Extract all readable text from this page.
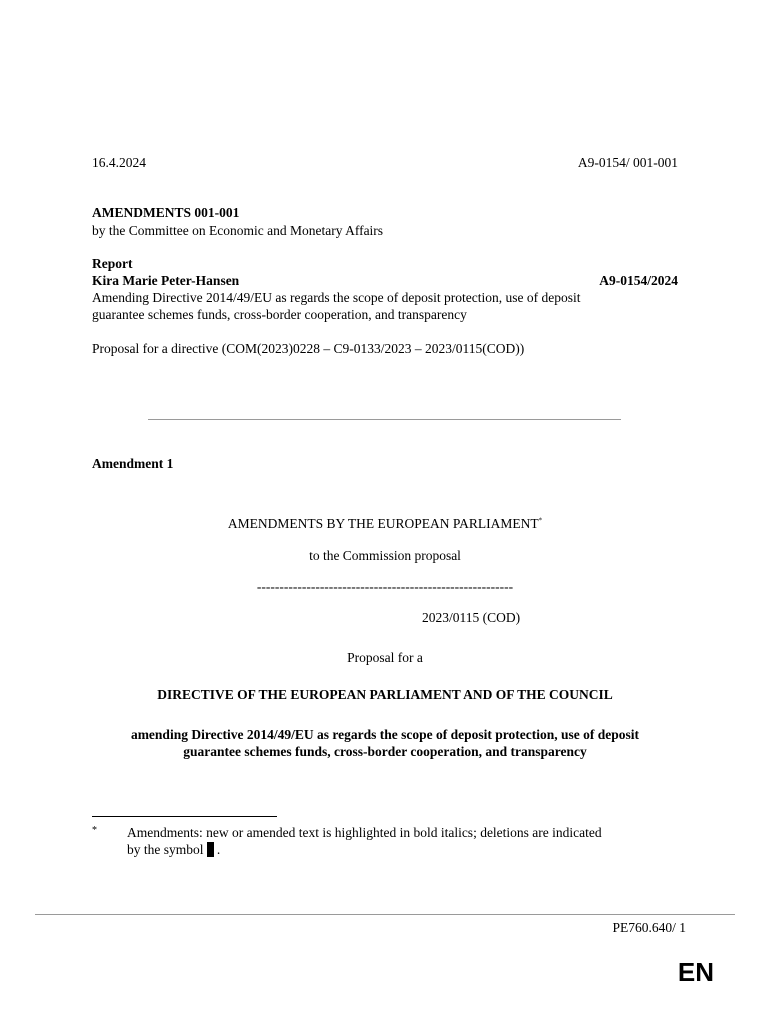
16.4.2024	A9-0154/ 001-001
AMENDMENTS 001-001
by the Committee on Economic and Monetary Affairs
Report
Kira Marie Peter-Hansen	A9-0154/2024
Amending Directive 2014/49/EU as regards the scope of deposit protection, use of deposit
guarantee schemes funds, cross-border cooperation, and transparency
Proposal for a directive (COM(2023)0228 – C9-0133/2023 – 2023/0115(COD))
Amendment 1
AMENDMENTS BY THE EUROPEAN PARLIAMENT*
to the Commission proposal
---------------------------------------------------------
2023/0115 (COD)
Proposal for a
DIRECTIVE OF THE EUROPEAN PARLIAMENT AND OF THE COUNCIL
amending Directive 2014/49/EU as regards the scope of deposit protection, use of deposit
guarantee schemes funds, cross-border cooperation, and transparency
* Amendments: new or amended text is highlighted in bold italics; deletions are indicated
by the symbol .
PE760.640/ 1
EN
